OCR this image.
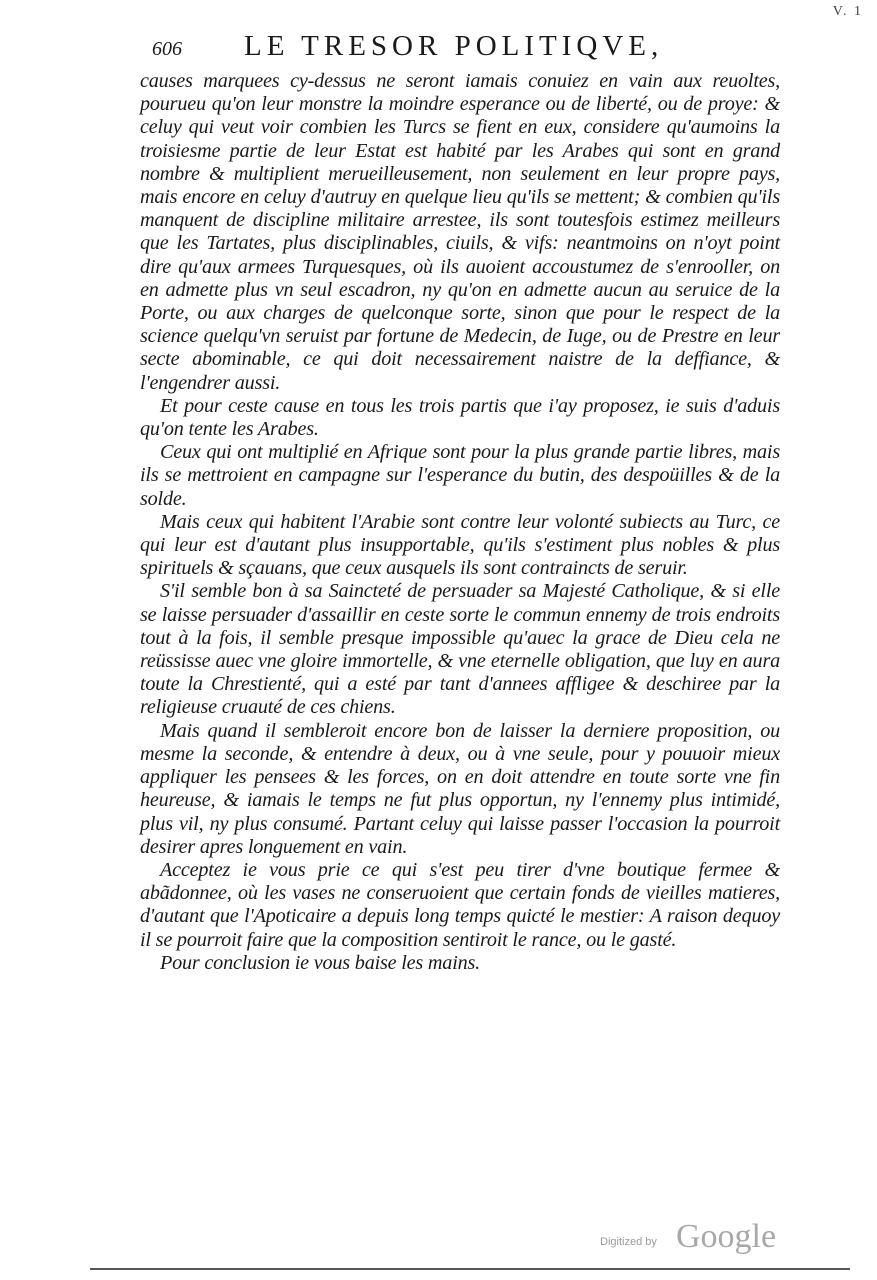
V. 1
606 LE TRESOR POLITIQVE,

causes marquees cy-dessus ne seront iamais conuiez en vain aux reuoltes, pourueu qu'on leur monstre la moindre esperance ou de liberté, ou de proye: & celuy qui veut voir combien les Turcs se fient en eux, considere qu'aumoins la troisiesme partie de leur Estat est habité par les Arabes qui sont en grand nombre & multiplient merueilleusement, non seulement en leur propre pays, mais encore en celuy d'autruy en quelque lieu qu'ils se mettent; & combien qu'ils manquent de discipline militaire arrestee, ils sont toutesfois estimez meilleurs que les Tartates, plus disciplinables, ciuils, & vifs: neantmoins on n'oyt point dire qu'aux armees Turquesques, où ils auoient accoustumez de s'enrooller, on en admette plus vn seul escadron, ny qu'on en admette aucun au seruice de la Porte, ou aux charges de quelconque sorte, sinon que pour le respect de la science quelqu'vn seruist par fortune de Medecin, de Iuge, ou de Prestre en leur secte abominable, ce qui doit necessairement naistre de la deffiance, & l'engendrer aussi.

Et pour ceste cause en tous les trois partis que i'ay proposez, ie suis d'aduis qu'on tente les Arabes.

Ceux qui ont multiplié en Afrique sont pour la plus grande partie libres, mais ils se mettroient en campagne sur l'esperance du butin, des despoüilles & de la solde.

Mais ceux qui habitent l'Arabie sont contre leur volonté subiects au Turc, ce qui leur est d'autant plus insupportable, qu'ils s'estiment plus nobles & plus spirituels & sçauans, que ceux ausquels ils sont contraincts de seruir.

S'il semble bon à sa Saincteté de persuader sa Majesté Catholique, & si elle se laisse persuader d'assaillir en ceste sorte le commun ennemy de trois endroits tout à la fois, il semble presque impossible qu'auec la grace de Dieu cela ne reüssisse auec vne gloire immortelle, & vne eternelle obligation, que luy en aura toute la Chrestienté, qui a esté par tant d'annees affligee & deschiree par la religieuse cruauté de ces chiens.

Mais quand il sembleroit encore bon de laisser la derniere proposition, ou mesme la seconde, & entendre à deux, ou à vne seule, pour y pouuoir mieux appliquer les pensees & les forces, on en doit attendre en toute sorte vne fin heureuse, & iamais le temps ne fut plus opportun, ny l'ennemy plus intimidé, plus vil, ny plus consumé. Partant celuy qui laisse passer l'occasion la pourroit desirer apres longuement en vain.

Acceptez ie vous prie ce qui s'est peu tirer d'vne boutique fermee & abãdonnee, où les vases ne conseruoient que certain fonds de vieilles matieres, d'autant que l'Apoticaire a depuis long temps quicté le mestier: A raison dequoy il se pourroit faire que la composition sentiroit le rance, ou le gasté.

Pour conclusion ie vous baise les mains.

Digitized by Google
